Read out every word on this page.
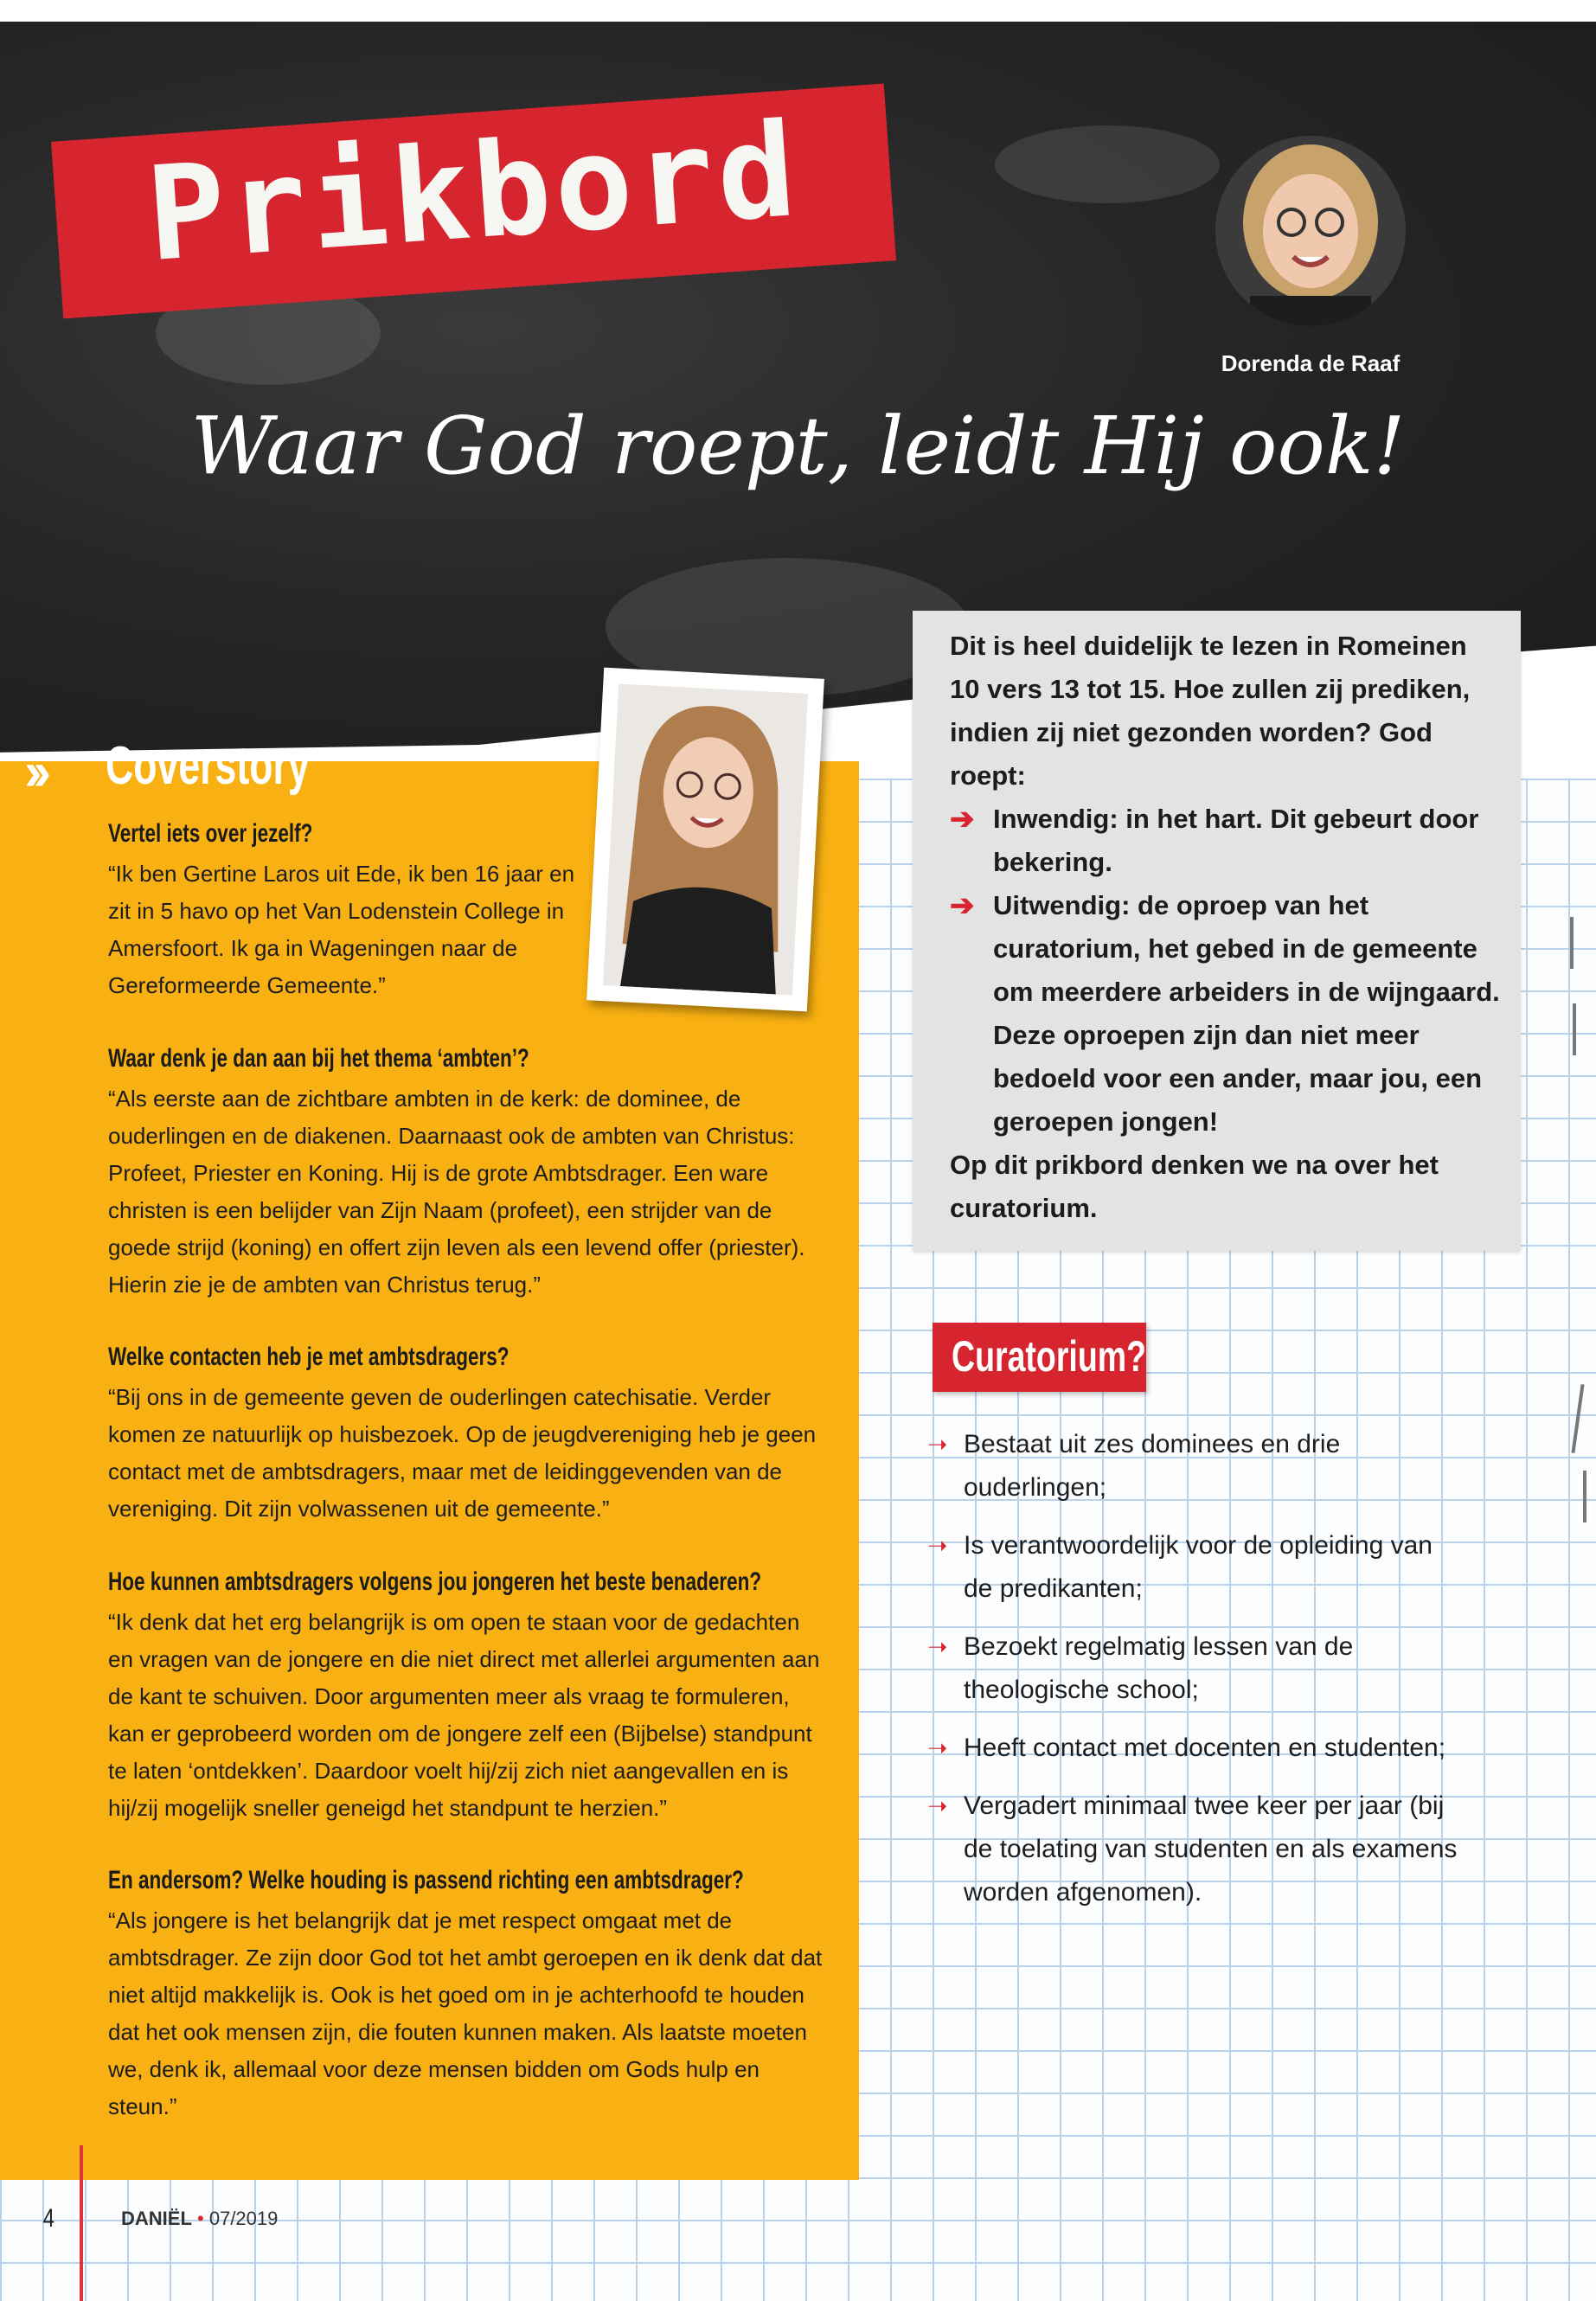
Prikbord
Dorenda de Raaf
Waar God roept, leidt Hij ook!
›› Coverstory
Vertel iets over jezelf?
“Ik ben Gertine Laros uit Ede, ik ben 16 jaar en zit in 5 havo op het Van Lodenstein College in Amersfoort. Ik ga in Wageningen naar de Gereformeerde Gemeente.”
Waar denk je dan aan bij het thema ‘ambten’?
“Als eerste aan de zichtbare ambten in de kerk: de dominee, de ouderlingen en de diakenen. Daarnaast ook de ambten van Christus: Profeet, Priester en Koning. Hij is de grote Ambtsdrager. Een ware christen is een belijder van Zijn Naam (profeet), een strijder van de goede strijd (koning) en offert zijn leven als een levend offer (priester). Hierin zie je de ambten van Christus terug.”
Welke contacten heb je met ambtsdragers?
“Bij ons in de gemeente geven de ouderlingen catechisatie. Verder komen ze natuurlijk op huisbezoek. Op de jeugdvereniging heb je geen contact met de ambtsdragers, maar met de leidinggevenden van de vereniging. Dit zijn volwassenen uit de gemeente.”
Hoe kunnen ambtsdragers volgens jou jongeren het beste benaderen?
“Ik denk dat het erg belangrijk is om open te staan voor de gedachten en vragen van de jongere en die niet direct met allerlei argumenten aan de kant te schuiven. Door argumenten meer als vraag te formuleren, kan er geprobeerd worden om de jongere zelf een (Bijbelse) standpunt te laten ‘ontdekken’. Daardoor voelt hij/zij zich niet aangevallen en is hij/zij mogelijk sneller geneigd het standpunt te herzien.”
En andersom? Welke houding is passend richting een ambtsdrager?
“Als jongere is het belangrijk dat je met respect omgaat met de ambtsdrager. Ze zijn door God tot het ambt geroepen en ik denk dat dat niet altijd makkelijk is. Ook is het goed om in je achterhoofd te houden dat het ook mensen zijn, die fouten kunnen maken. Als laatste moeten we, denk ik, allemaal voor deze mensen bidden om Gods hulp en steun.”
Dit is heel duidelijk te lezen in Romeinen 10 vers 13 tot 15. Hoe zullen zij prediken, indien zij niet gezonden worden? God roept:
➔ Inwendig: in het hart. Dit gebeurt door bekering.
➔ Uitwendig: de oproep van het curatorium, het gebed in de gemeente om meerdere arbeiders in de wijngaard. Deze oproepen zijn dan niet meer bedoeld voor een ander, maar jou, een geroepen jongen!
Op dit prikbord denken we na over het curatorium.
Curatorium?
➝ Bestaat uit zes dominees en drie ouderlingen;
➝ Is verantwoordelijk voor de opleiding van de predikanten;
➝ Bezoekt regelmatig lessen van de theologische school;
➝ Heeft contact met docenten en studenten;
➝ Vergadert minimaal twee keer per jaar (bij de toelating van studenten en als examens worden afgenomen).
4	DANIËL • 07/2019
